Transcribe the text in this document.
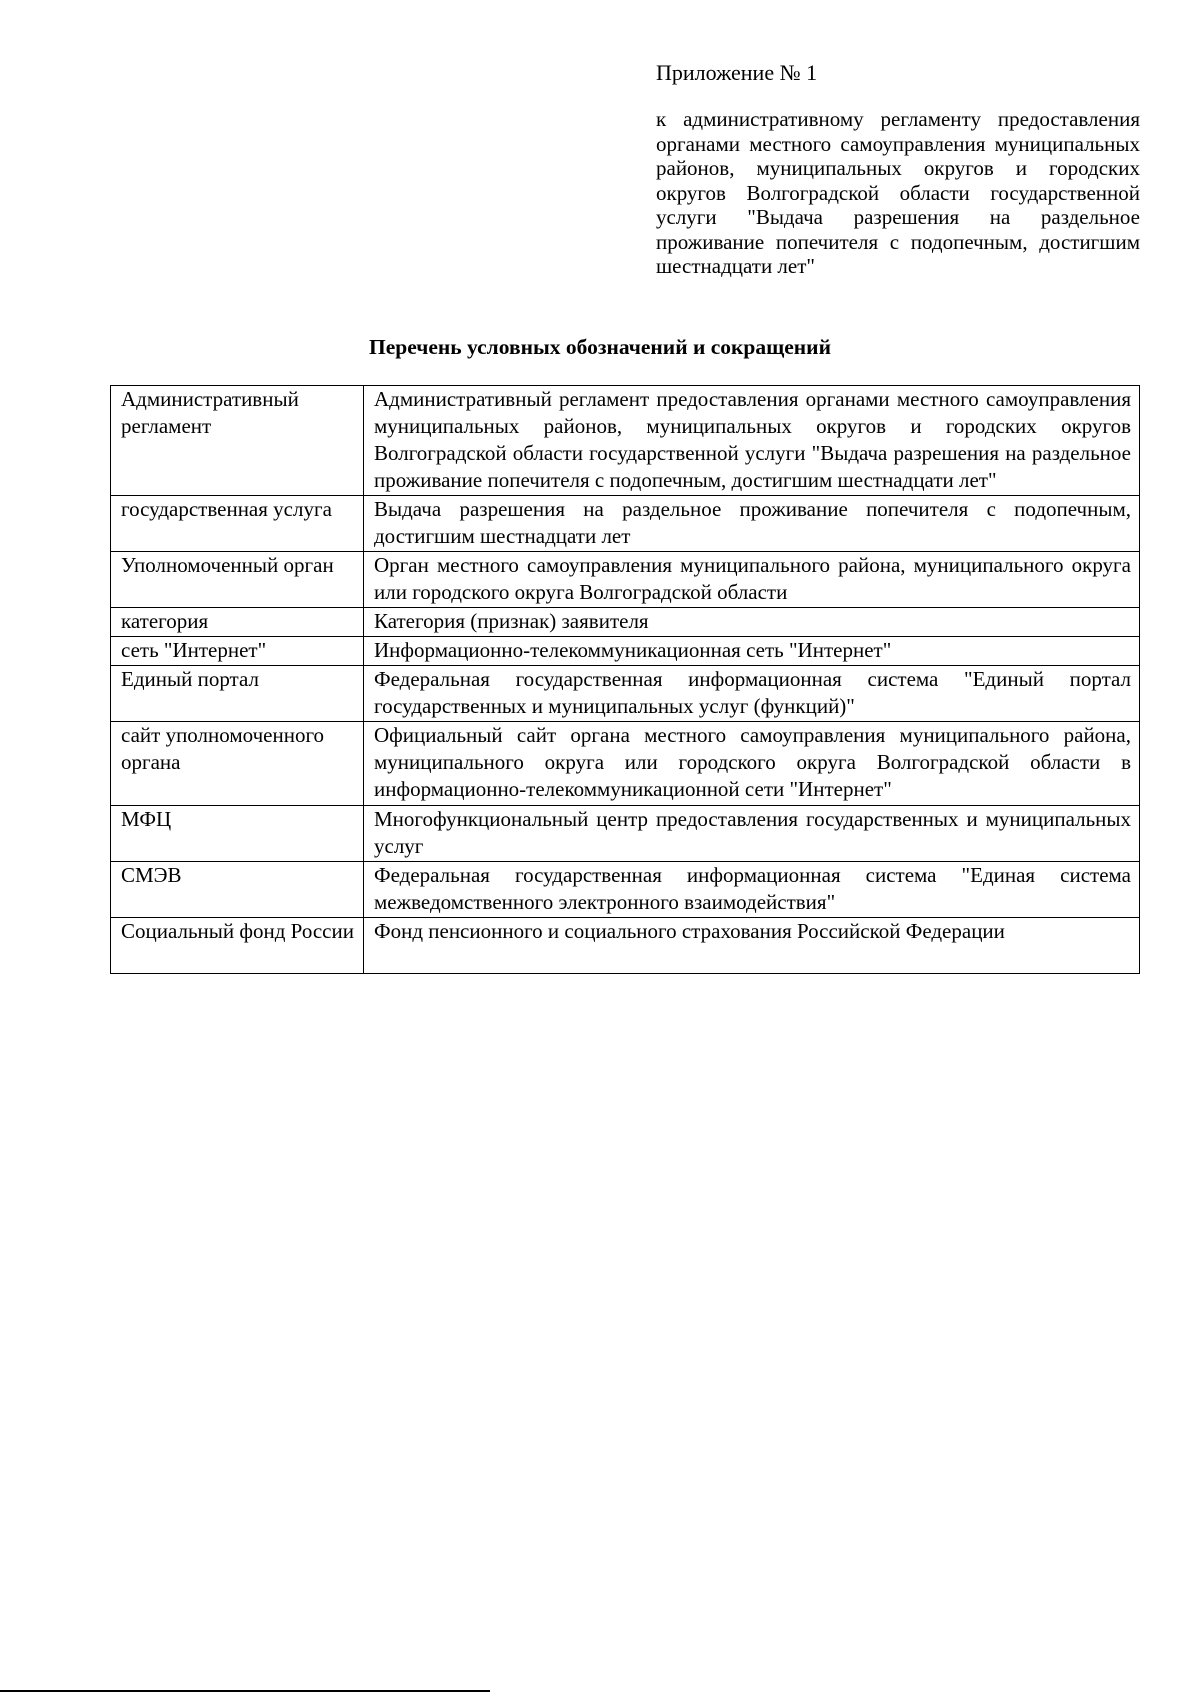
Приложение № 1
к административному регламенту предоставления органами местного самоуправления муниципальных районов, муниципальных округов и городских округов Волгоградской области государственной услуги "Выдача разрешения на раздельное проживание попечителя с подопечным, достигшим шестнадцати лет"
Перечень условных обозначений и сокращений
Административный регламент	Административный регламент предоставления органами местного самоуправления муниципальных районов, муниципальных округов и городских округов Волгоградской области государственной услуги "Выдача разрешения на раздельное проживание попечителя с подопечным, достигшим шестнадцати лет"
государственная услуга	Выдача разрешения на раздельное проживание попечителя с подопечным, достигшим шестнадцати лет
Уполномоченный орган	Орган местного самоуправления муниципального района, муниципального округа или городского округа Волгоградской области
категория	Категория (признак) заявителя
сеть "Интернет"	Информационно-телекоммуникационная сеть "Интернет"
Единый портал	Федеральная государственная информационная система "Единый портал государственных и муниципальных услуг (функций)"
сайт уполномоченного органа	Официальный сайт органа местного самоуправления муниципального района, муниципального округа или городского округа Волгоградской области в информационно-телекоммуникационной сети "Интернет"
МФЦ	Многофункциональный центр предоставления государственных и муниципальных услуг
СМЭВ	Федеральная государственная информационная система "Единая система межведомственного электронного взаимодействия"
Социальный фонд России	Фонд пенсионного и социального страхования Российской Федерации
